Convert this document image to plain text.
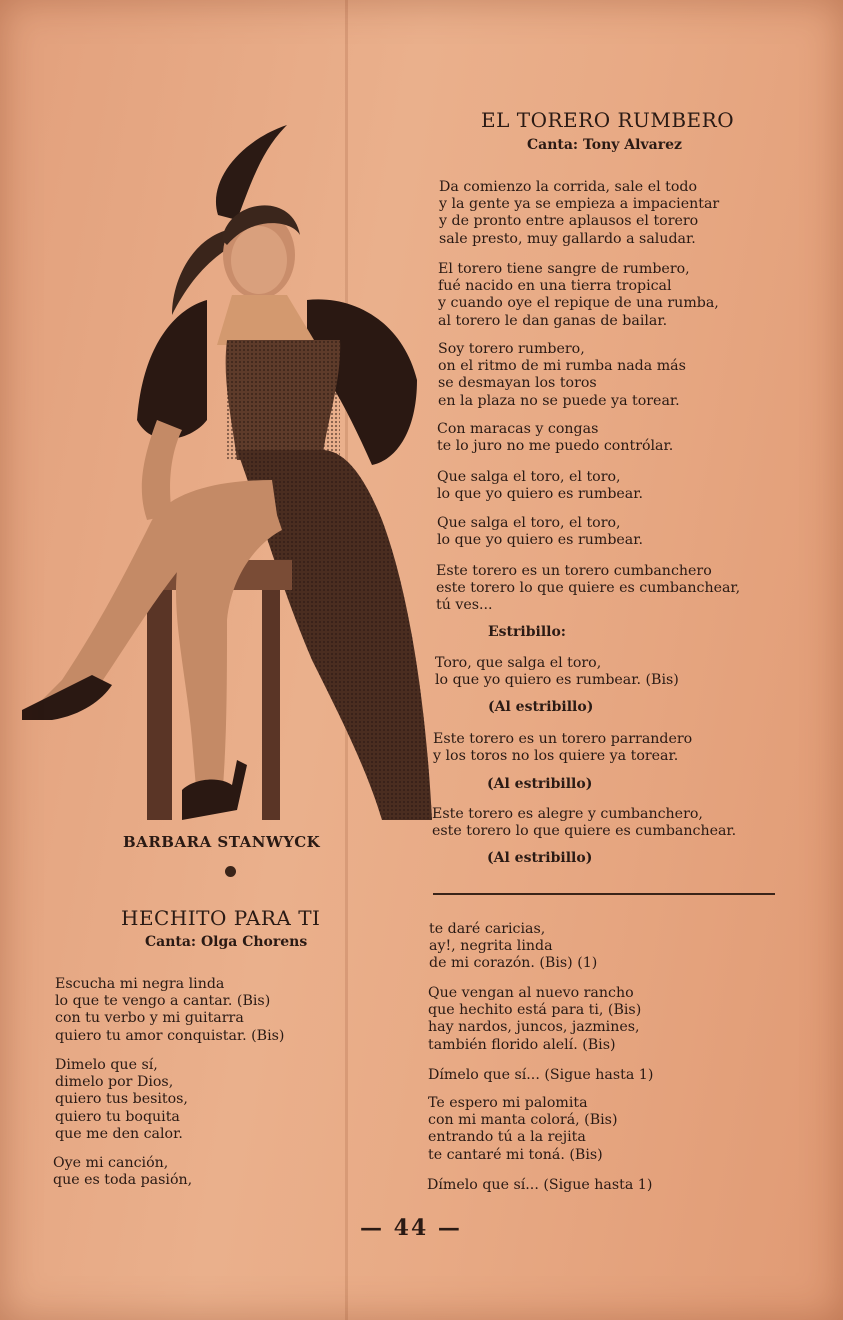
BARBARA STANWYCK
EL TORERO RUMBERO
Canta: Tony Alvarez
Da comienzo la corrida, sale el todo
y la gente ya se empieza a impacientar
y de pronto entre aplausos el torero
sale presto, muy gallardo a saludar.
El torero tiene sangre de rumbero,
fué nacido en una tierra tropical
y cuando oye el repique de una rumba,
al torero le dan ganas de bailar.
Soy torero rumbero,
on el ritmo de mi rumba nada más
se desmayan los toros
en la plaza no se puede ya torear.
Con maracas y congas
te lo juro no me puedo contrólar.
Que salga el toro, el toro,
lo que yo quiero es rumbear.
Que salga el toro, el toro,
lo que yo quiero es rumbear.
Este torero es un torero cumbanchero
este torero lo que quiere es cumbanchear,
tú ves...
Estribillo:
Toro, que salga el toro,
lo que yo quiero es rumbear. (Bis)
(Al estribillo)
Este torero es un torero parrandero
y los toros no los quiere ya torear.
(Al estribillo)
Este torero es alegre y cumbanchero,
este torero lo que quiere es cumbanchear.
(Al estribillo)
HECHITO PARA TI
Canta: Olga Chorens
Escucha mi negra linda
lo que te vengo a cantar. (Bis)
con tu verbo y mi guitarra
quiero tu amor conquistar. (Bis)
Dimelo que sí,
dimelo por Dios,
quiero tus besitos,
quiero tu boquita
que me den calor.
Oye mi canción,
que es toda pasión,
te daré caricias,
ay!, negrita linda
de mi corazón. (Bis) (1)
Que vengan al nuevo rancho
que hechito está para ti, (Bis)
hay nardos, juncos, jazmines,
también florido alelí. (Bis)
Dímelo que sí... (Sigue hasta 1)
Te espero mi palomita
con mi manta colorá, (Bis)
entrando tú a la rejita
te cantaré mi toná. (Bis)
Dímelo que sí... (Sigue hasta 1)
— 44 —
